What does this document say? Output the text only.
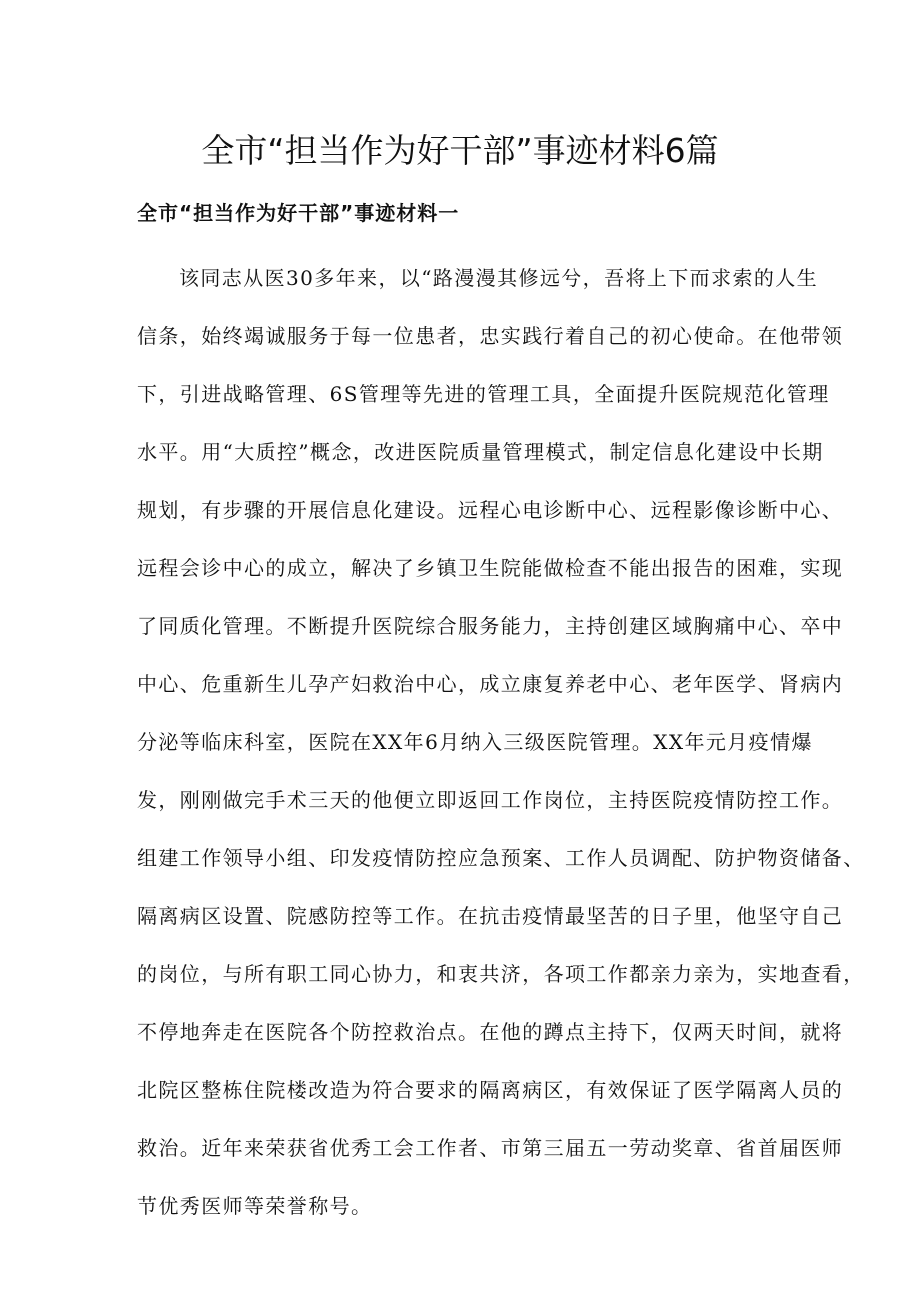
全市“担当作为好干部”事迹材料6篇
全市“担当作为好干部”事迹材料一
该同志从医30多年来，以“路漫漫其修远兮，吾将上下而求索的人生
信条，始终竭诚服务于每一位患者，忠实践行着自己的初心使命。在他带领
下，引进战略管理、6S管理等先进的管理工具，全面提升医院规范化管理
水平。用“大质控”概念，改进医院质量管理模式，制定信息化建设中长期
规划，有步骤的开展信息化建设。远程心电诊断中心、远程影像诊断中心、
远程会诊中心的成立，解决了乡镇卫生院能做检查不能出报告的困难，实现
了同质化管理。不断提升医院综合服务能力，主持创建区域胸痛中心、卒中
中心、危重新生儿孕产妇救治中心，成立康复养老中心、老年医学、肾病内
分泌等临床科室，医院在XX年6月纳入三级医院管理。XX年元月疫情爆
发，刚刚做完手术三天的他便立即返回工作岗位，主持医院疫情防控工作。
组建工作领导小组、印发疫情防控应急预案、工作人员调配、防护物资储备、
隔离病区设置、院感防控等工作。在抗击疫情最坚苦的日子里，他坚守自己
的岗位，与所有职工同心协力，和衷共济，各项工作都亲力亲为，实地查看，
不停地奔走在医院各个防控救治点。在他的蹲点主持下，仅两天时间，就将
北院区整栋住院楼改造为符合要求的隔离病区，有效保证了医学隔离人员的
救治。近年来荣获省优秀工会工作者、市第三届五一劳动奖章、省首届医师
节优秀医师等荣誉称号。
